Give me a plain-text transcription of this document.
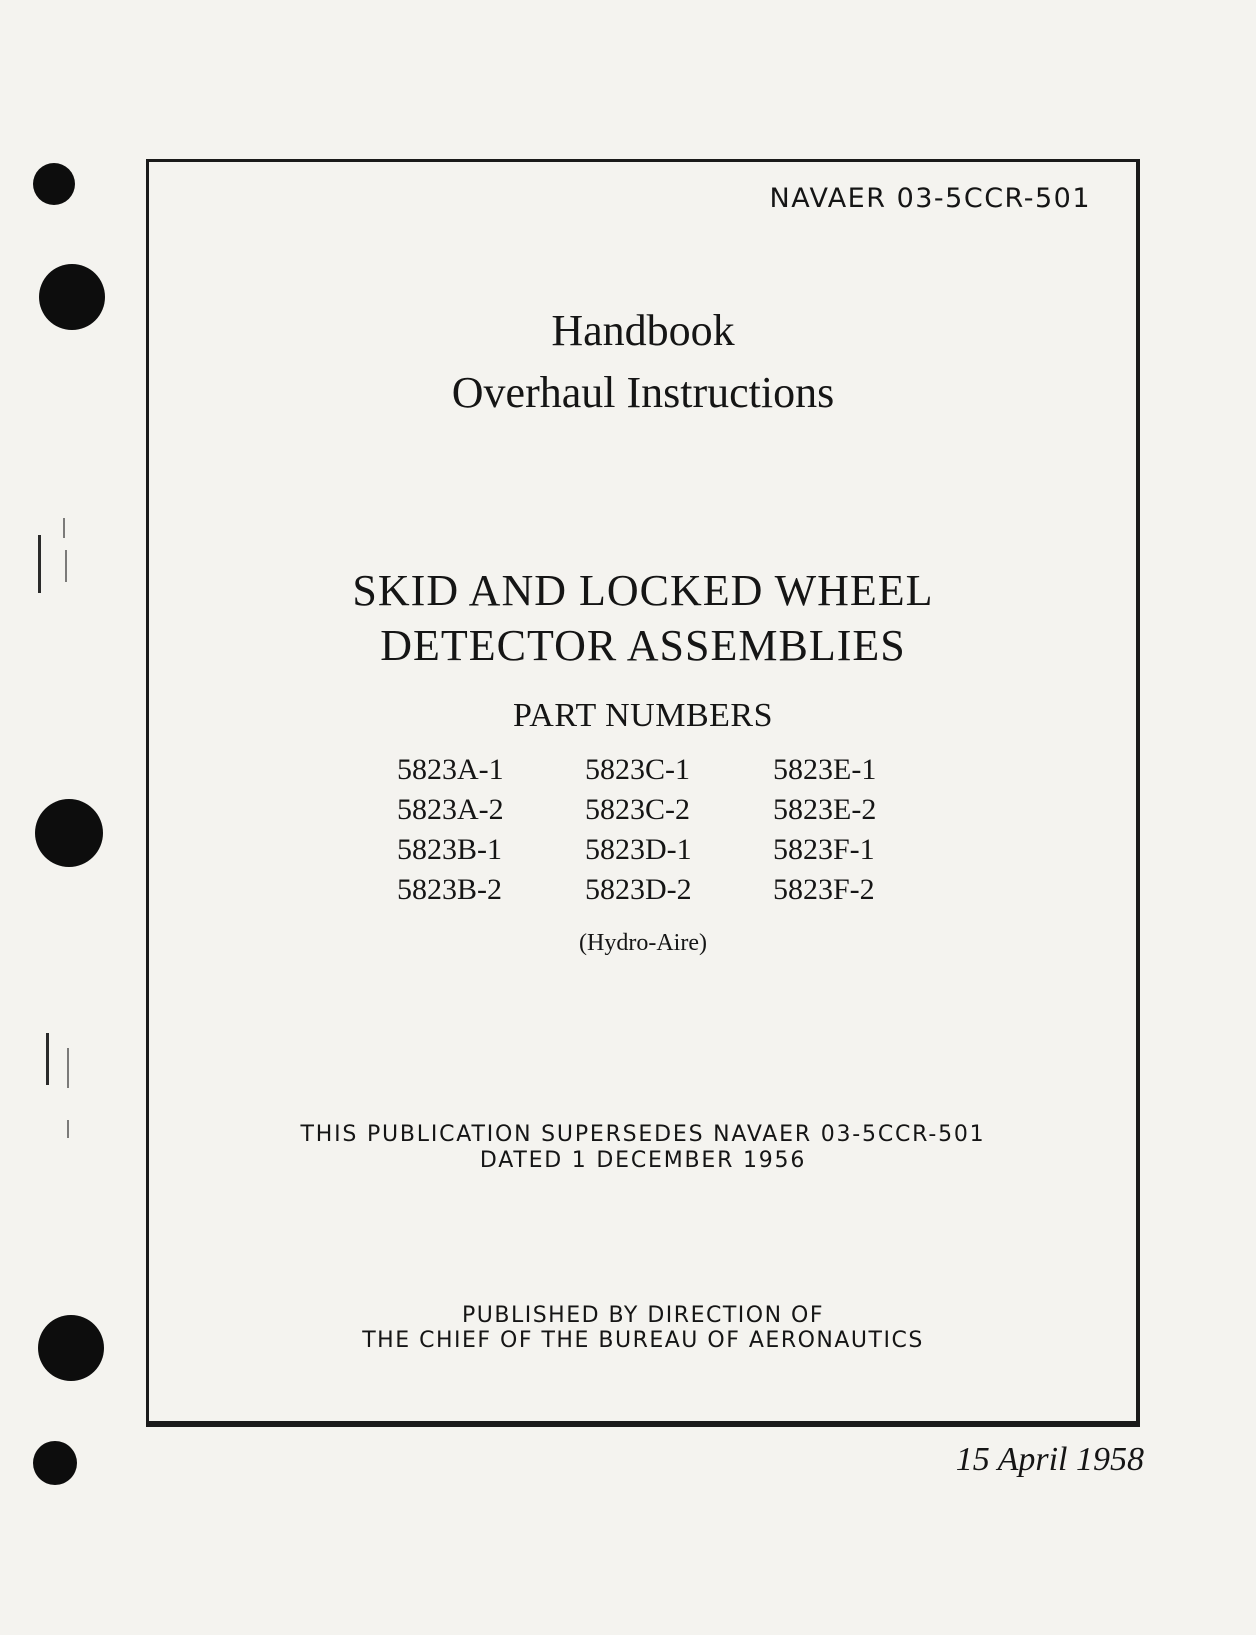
NAVAER 03-5CCR-501
Handbook
Overhaul Instructions
SKID AND LOCKED WHEEL
DETECTOR ASSEMBLIES
PART NUMBERS
5823A-1
5823A-2
5823B-1
5823B-2
5823C-1
5823C-2
5823D-1
5823D-2
5823E-1
5823E-2
5823F-1
5823F-2
(Hydro-Aire)
THIS PUBLICATION SUPERSEDES NAVAER 03-5CCR-501
DATED 1 DECEMBER 1956
PUBLISHED BY DIRECTION OF
THE CHIEF OF THE BUREAU OF AERONAUTICS
15 April 1958
